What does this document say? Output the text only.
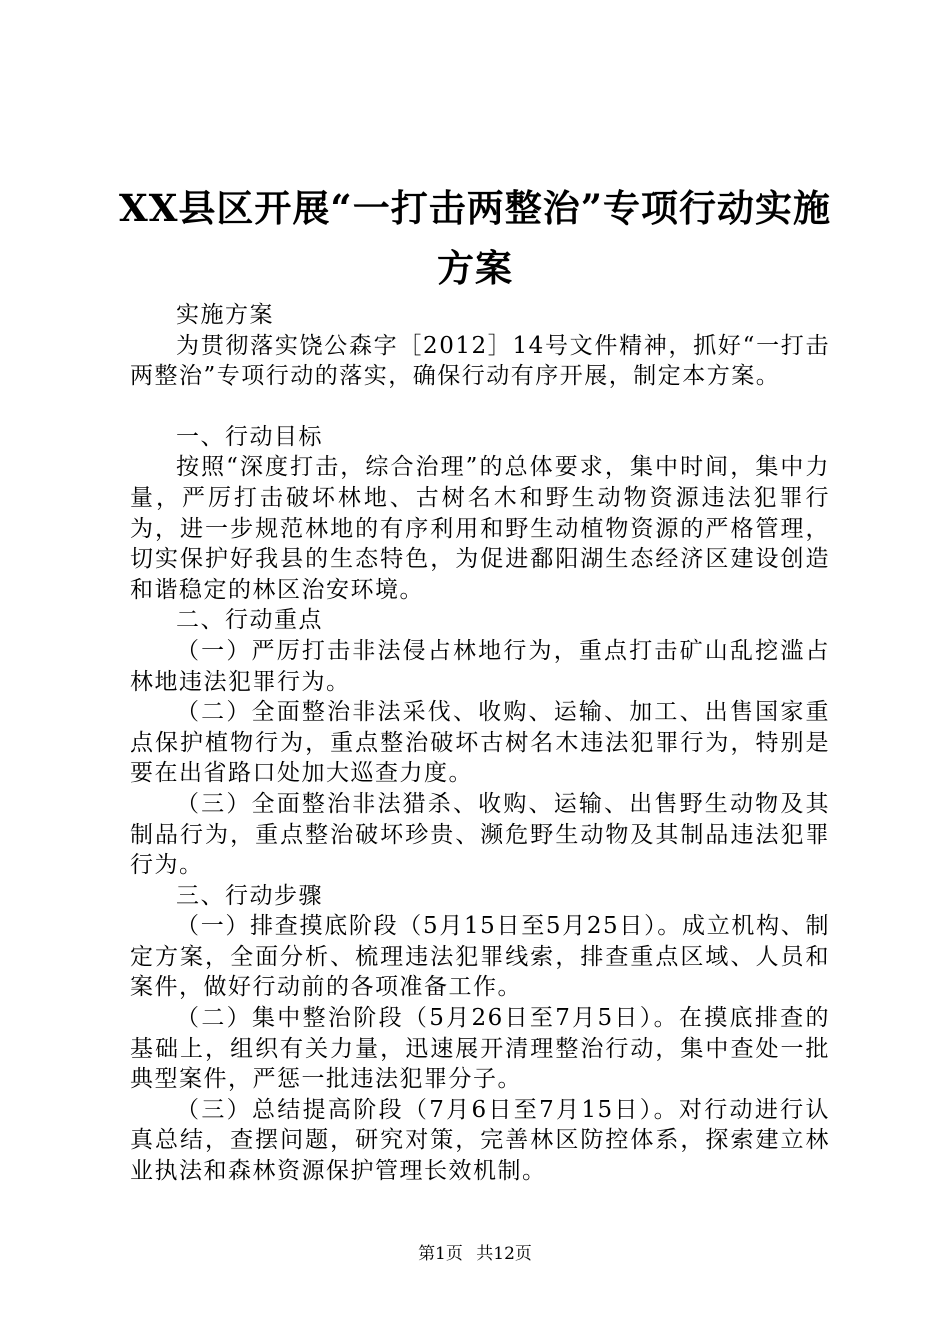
XX县区开展“一打击两整治”专项行动实施
方案

实施方案

为贯彻落实饶公森字［2012］14号文件精神，抓好“一打击两整治”专项行动的落实，确保行动有序开展，制定本方案。

一、行动目标

按照“深度打击，综合治理”的总体要求，集中时间，集中力量，严厉打击破坏林地、古树名木和野生动物资源违法犯罪行为，进一步规范林地的有序利用和野生动植物资源的严格管理，切实保护好我县的生态特色，为促进鄱阳湖生态经济区建设创造和谐稳定的林区治安环境。

二、行动重点

（一）严厉打击非法侵占林地行为，重点打击矿山乱挖滥占林地违法犯罪行为。

（二）全面整治非法采伐、收购、运输、加工、出售国家重点保护植物行为，重点整治破坏古树名木违法犯罪行为，特别是要在出省路口处加大巡查力度。

（三）全面整治非法猎杀、收购、运输、出售野生动物及其制品行为，重点整治破坏珍贵、濒危野生动物及其制品违法犯罪行为。

三、行动步骤

（一）排查摸底阶段（5月15日至5月25日）。成立机构、制定方案，全面分析、梳理违法犯罪线索，排查重点区域、人员和案件，做好行动前的各项准备工作。

（二）集中整治阶段（5月26日至7月5日）。在摸底排查的基础上，组织有关力量，迅速展开清理整治行动，集中查处一批典型案件，严惩一批违法犯罪分子。

（三）总结提高阶段（7月6日至7月15日）。对行动进行认真总结，查摆问题，研究对策，完善林区防控体系，探索建立林业执法和森林资源保护管理长效机制。

第1页 共12页
